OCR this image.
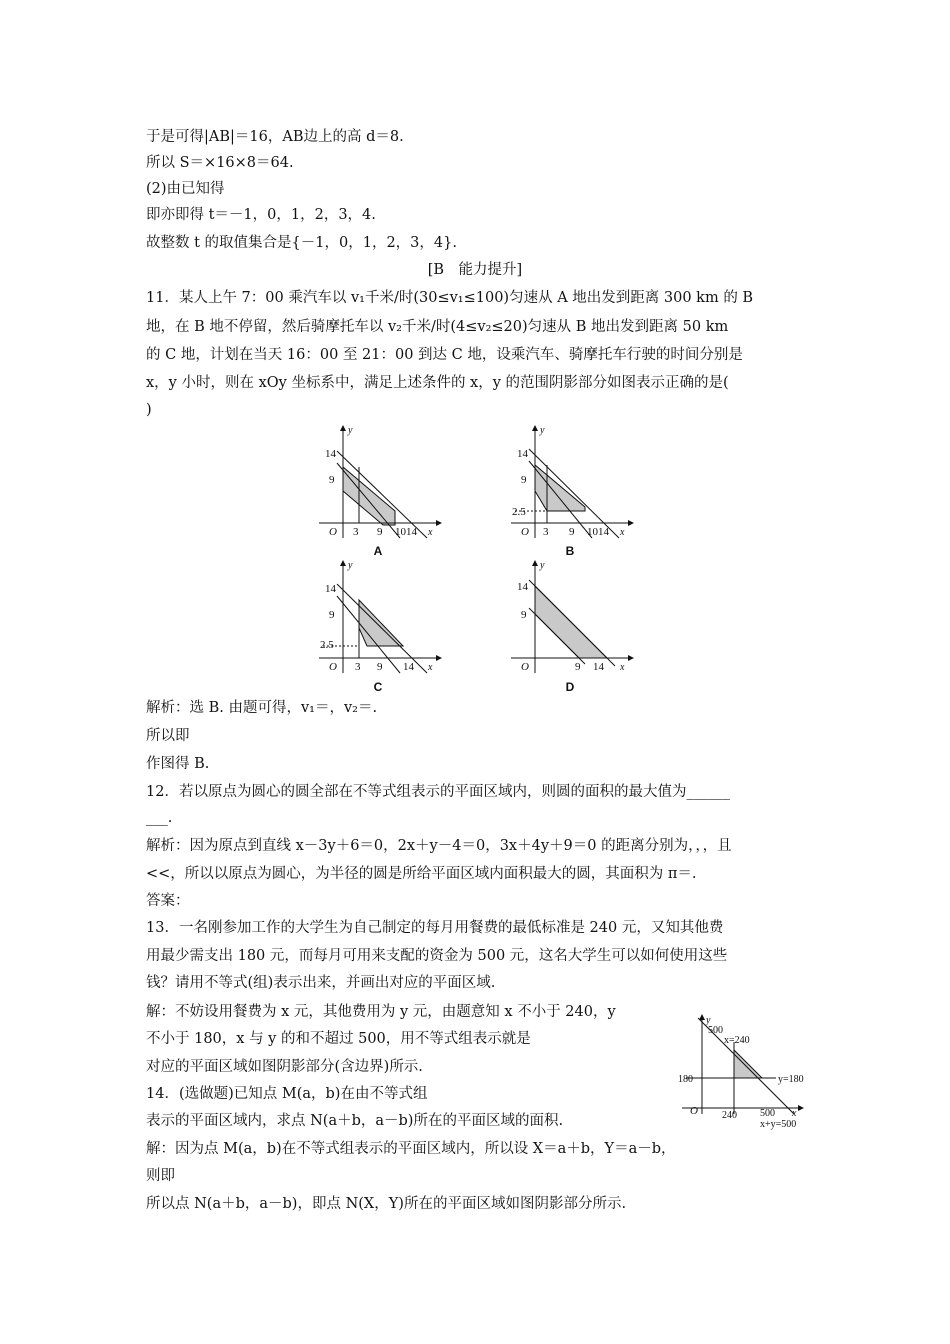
于是可得|AB|＝16，AB边上的高 d＝8.
所以 S＝×16×8＝64.
(2)由已知得
即亦即得 t＝－1，0，1，2，3，4.
故整数 t 的取值集合是{－1，0，1，2，3，4}.
[B　能力提升]
11．某人上午 7：00 乘汽车以 v₁千米/时(30≤v₁≤100)匀速从 A 地出发到距离 300 km 的 B
地，在 B 地不停留，然后骑摩托车以 v₂千米/时(4≤v₂≤20)匀速从 B 地出发到距离 50 km
的 C 地，计划在当天 16：00 至 21：00 到达 C 地，设乘汽车、骑摩托车行驶的时间分别是
x，y 小时，则在 xOy 坐标系中，满足上述条件的 x，y 的范围阴影部分如图表示正确的是(
)
y
14
9
O 3 9 1014 x
A
y
14
9
2.5
O 3 9 1014 x
B
y
14
9
2.5
O 3 9 14 x
C
y
14
9
O	9 14 x
D
解析：选 B. 由题可得，v₁＝，v₂＝.
所以即
作图得 B.
12．若以原点为圆心的圆全部在不等式组表示的平面区域内，则圆的面积的最大值为______
___.
解析：因为原点到直线 x－3y＋6＝0，2x＋y－4＝0，3x＋4y＋9＝0 的距离分别为，，，且
<<，所以以原点为圆心，为半径的圆是所给平面区域内面积最大的圆，其面积为 π＝.
答案：
13．一名刚参加工作的大学生为自己制定的每月用餐费的最低标准是 240 元，又知其他费
用最少需支出 180 元，而每月可用来支配的资金为 500 元，这名大学生可以如何使用这些
钱？请用不等式(组)表示出来，并画出对应的平面区域.
解：不妨设用餐费为 x 元，其他费用为 y 元，由题意知 x 不小于 240，y
不小于 180，x 与 y 的和不超过 500，用不等式组表示就是
对应的平面区域如图阴影部分(含边界)所示.
14．(选做题)已知点 M(a，b)在由不等式组
表示的平面区域内，求点 N(a＋b，a－b)所在的平面区域的面积.
解：因为点 M(a，b)在不等式组表示的平面区域内，所以设 X＝a＋b，Y＝a－b，
则即
所以点 N(a＋b，a－b)，即点 N(X，Y)所在的平面区域如图阴影部分所示.
y
500
x=240
y=180
180
O 240 500 x
x+y=500
